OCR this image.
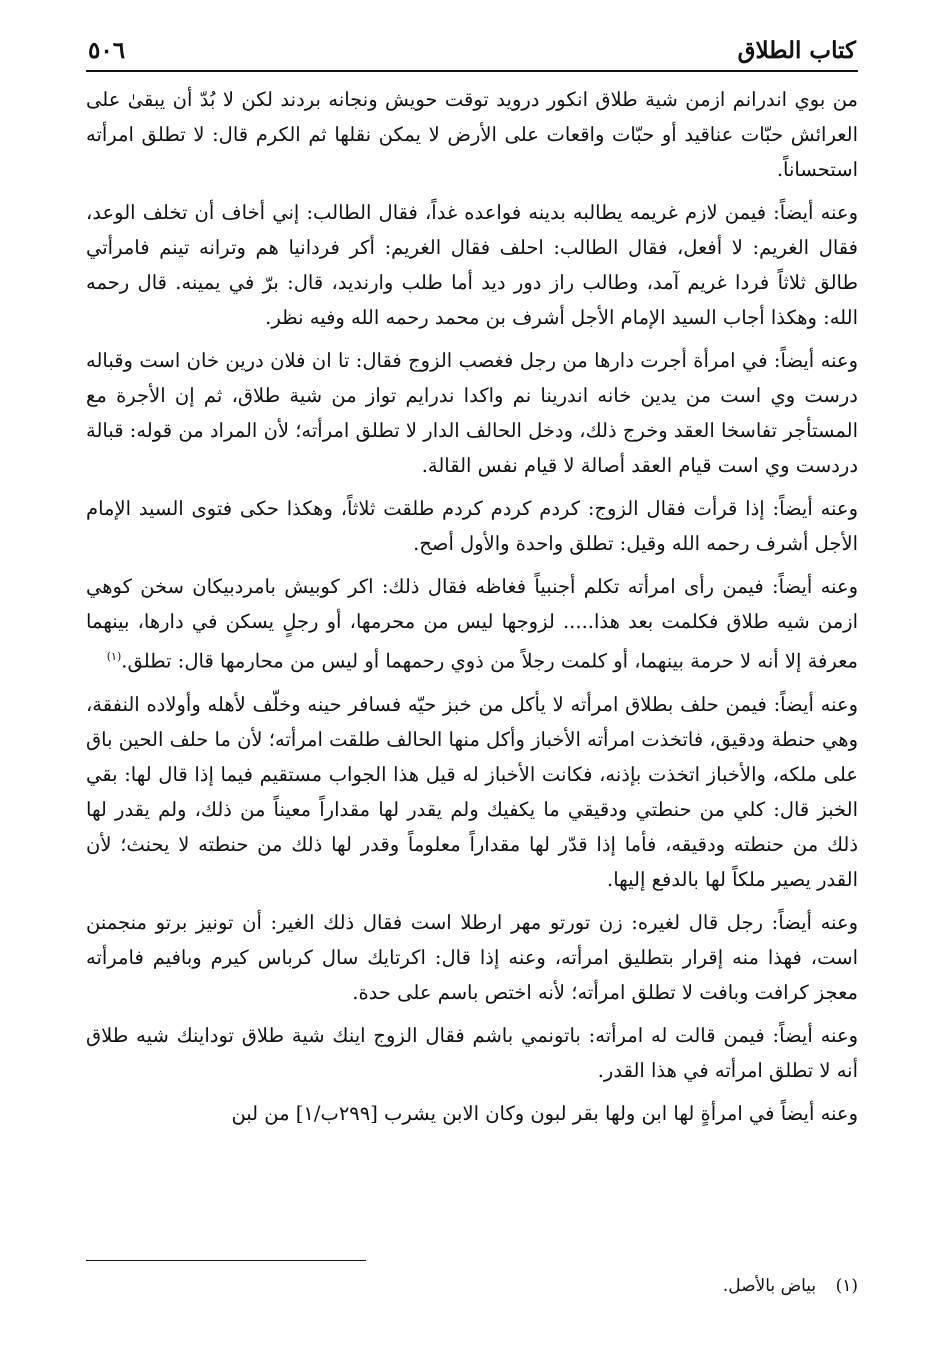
كتاب الطلاق
٥٠٦

من بوي اندرانم ازمن شية طلاق انكور درويد توقت حويش ونجانه بردند لكن لا بُدّ أن يبقىٰ على العرائش حبّات عناقيد أو حبّات واقعات على الأرض لا يمكن نقلها ثم الكرم قال: لا تطلق امرأته استحساناً.

وعنه أيضاً: فيمن لازم غريمه يطالبه بدينه فواعده غداً، فقال الطالب: إني أخاف أن تخلف الوعد، فقال الغريم: لا أفعل، فقال الطالب: احلف فقال الغريم: أكر فردانيا هم وترانه تينم فامرأتي طالق ثلاثاً فردا غريم آمد، وطالب راز دور ديد أما طلب وارنديد، قال: برّ في يمينه. قال رحمه الله: وهكذا أجاب السيد الإمام الأجل أشرف بن محمد رحمه الله وفيه نظر.

وعنه أيضاً: في امرأة أجرت دارها من رجل فغصب الزوج فقال: تا ان فلان درين خان است وقباله درست وي است من يدين خانه اندرينا نم واكدا ندرايم تواز من شية طلاق، ثم إن الأجرة مع المستأجر تفاسخا العقد وخرج ذلك، ودخل الحالف الدار لا تطلق امرأته؛ لأن المراد من قوله: قبالة دردست وي است قيام العقد أصالة لا قيام نفس القالة.

وعنه أيضاً: إذا قرأت فقال الزوج: كردم كردم كردم طلقت ثلاثاً، وهكذا حكى فتوى السيد الإمام الأجل أشرف رحمه الله وقيل: تطلق واحدة والأول أصح.

وعنه أيضاً: فيمن رأى امرأته تكلم أجنبياً فغاظه فقال ذلك: اكر كوبيش بامردبيكان سخن كوهي ازمن شيه طلاق فكلمت بعد هذا..... لزوجها ليس من محرمها، أو رجلٍ يسكن في دارها، بينهما معرفة إلا أنه لا حرمة بينهما، أو كلمت رجلاً من ذوي رحمهما أو ليس من محارمها قال: تطلق.$^{(١)}$

وعنه أيضاً: فيمن حلف بطلاق امرأته لا يأكل من خبز حيّه فسافر حينه وخلّف لأهله وأولاده النفقة، وهي حنطة ودقيق، فاتخذت امرأته الأخباز وأكل منها الحالف طلقت امرأته؛ لأن ما حلف الحين باق على ملكه، والأخباز اتخذت بإذنه، فكانت الأخباز له قيل هذا الجواب مستقيم فيما إذا قال لها: بقي الخبز قال: كلي من حنطتي ودقيقي ما يكفيك ولم يقدر لها مقداراً معيناً من ذلك، ولم يقدر لها ذلك من حنطته ودقيقه، فأما إذا قدّر لها مقداراً معلوماً وقدر لها ذلك من حنطته لا يحنث؛ لأن القدر يصير ملكاً لها بالدفع إليها.

وعنه أيضاً: رجل قال لغيره: زن تورتو مهر ارطلا است فقال ذلك الغير: أن تونيز برتو منجمنن است، فهذا منه إقرار بتطليق امرأته، وعنه إذا قال: اكرتايك سال كرباس كيرم وبافيم فامرأته معجز كرافت وبافت لا تطلق امرأته؛ لأنه اختص باسم على حدة.

وعنه أيضاً: فيمن قالت له امرأته: باتونمي باشم فقال الزوج اينك شية طلاق توداينك شيه طلاق أنه لا تطلق امرأته في هذا القدر.

وعنه أيضاً في امرأةٍ لها ابن ولها بقر لبون وكان الابن يشرب [٢٩٩ب/١] من لبن

(١) بياض بالأصل.
